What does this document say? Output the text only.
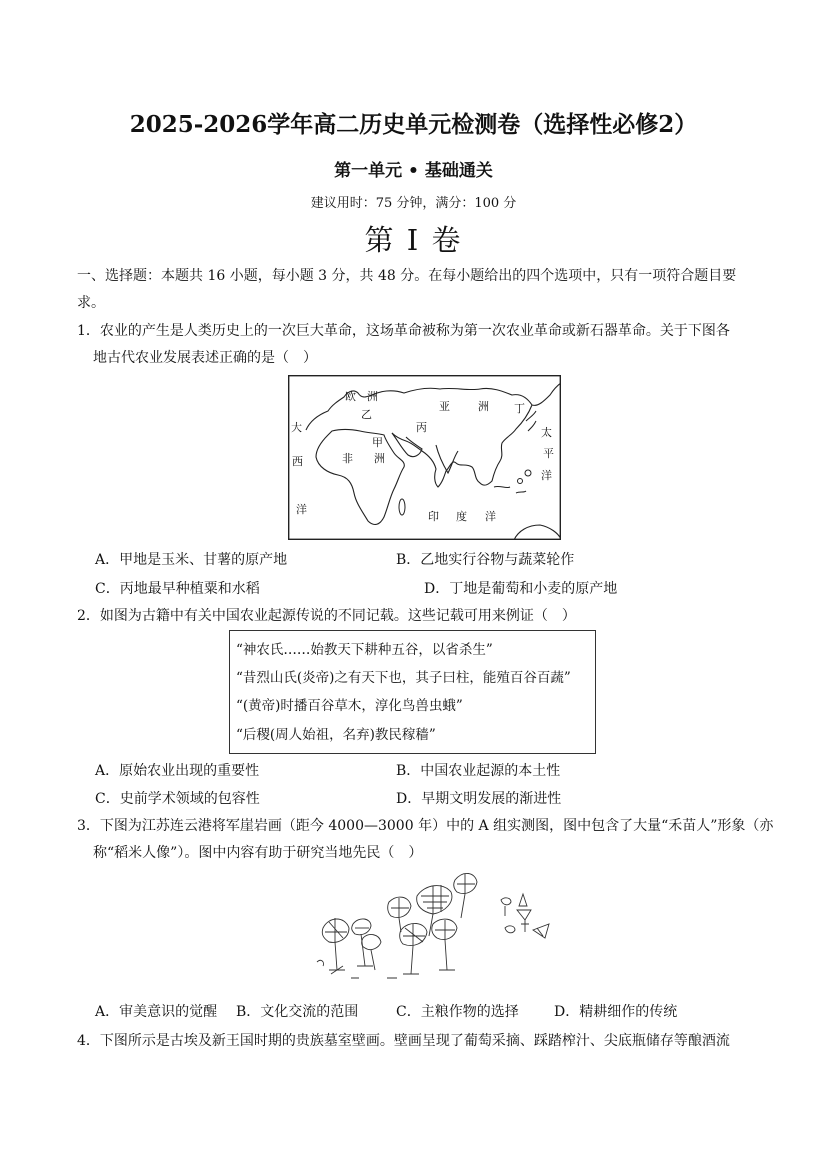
2025-2026学年高二历史单元检测卷（选择性必修2）
第一单元 • 基础通关
建议用时：75 分钟，满分：100 分
第 I 卷
一、选择题：本题共 16 小题，每小题 3 分，共 48 分。在每小题给出的四个选项中，只有一项符合题目要
求。
1．农业的产生是人类历史上的一次巨大革命，这场革命被称为第一次农业革命或新石器革命。关于下图各
地古代农业发展表述正确的是（　）
欧 洲
乙
亚	洲 丁
丙
甲
非 洲
大
西
洋
太
平
洋
印 度 洋
A．甲地是玉米、甘薯的原产地	B．乙地实行谷物与蔬菜轮作
C．丙地最早种植粟和水稻	D．丁地是葡萄和小麦的原产地
2．如图为古籍中有关中国农业起源传说的不同记载。这些记载可用来例证（　）
“神农氏……始教天下耕种五谷，以省杀生”
“昔烈山氏(炎帝)之有天下也，其子曰柱，能殖百谷百蔬”
“(黄帝)时播百谷草木，淳化鸟兽虫蛾”
“后稷(周人始祖，名弃)教民稼穑”
A．原始农业出现的重要性	B．中国农业起源的本土性
C．史前学术领域的包容性	D．早期文明发展的渐进性
3．下图为江苏连云港将军崖岩画（距今 4000—3000 年）中的 A 组实测图，图中包含了大量“禾苗人”形象（亦
称“稻米人像”）。图中内容有助于研究当地先民（　）
A．审美意识的觉醒 B．文化交流的范围	C．主粮作物的选择	D．精耕细作的传统
4．下图所示是古埃及新王国时期的贵族墓室壁画。壁画呈现了葡萄采摘、踩踏榨汁、尖底瓶储存等酿酒流
